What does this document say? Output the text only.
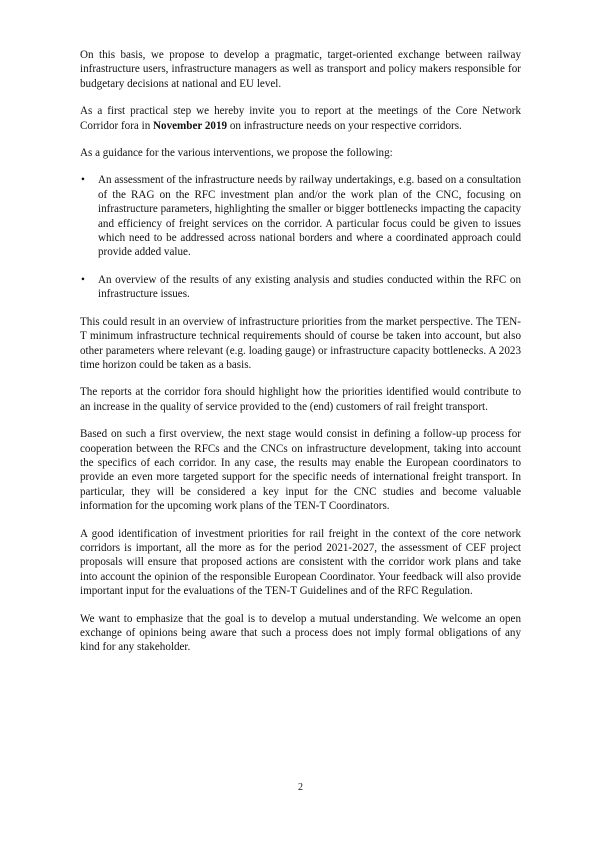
On this basis, we propose to develop a pragmatic, target-oriented exchange between railway infrastructure users, infrastructure managers as well as transport and policy makers responsible for budgetary decisions at national and EU level.

As a first practical step we hereby invite you to report at the meetings of the Core Network Corridor fora in November 2019 on infrastructure needs on your respective corridors.

As a guidance for the various interventions, we propose the following:

• An assessment of the infrastructure needs by railway undertakings, e.g. based on a consultation of the RAG on the RFC investment plan and/or the work plan of the CNC, focusing on infrastructure parameters, highlighting the smaller or bigger bottlenecks impacting the capacity and efficiency of freight services on the corridor. A particular focus could be given to issues which need to be addressed across national borders and where a coordinated approach could provide added value.
• An overview of the results of any existing analysis and studies conducted within the RFC on infrastructure issues.

This could result in an overview of infrastructure priorities from the market perspective. The TEN-T minimum infrastructure technical requirements should of course be taken into account, but also other parameters where relevant (e.g. loading gauge) or infrastructure capacity bottlenecks. A 2023 time horizon could be taken as a basis.

The reports at the corridor fora should highlight how the priorities identified would contribute to an increase in the quality of service provided to the (end) customers of rail freight transport.

Based on such a first overview, the next stage would consist in defining a follow-up process for cooperation between the RFCs and the CNCs on infrastructure development, taking into account the specifics of each corridor. In any case, the results may enable the European coordinators to provide an even more targeted support for the specific needs of international freight transport. In particular, they will be considered a key input for the CNC studies and become valuable information for the upcoming work plans of the TEN-T Coordinators.

A good identification of investment priorities for rail freight in the context of the core network corridors is important, all the more as for the period 2021-2027, the assessment of CEF project proposals will ensure that proposed actions are consistent with the corridor work plans and take into account the opinion of the responsible European Coordinator. Your feedback will also provide important input for the evaluations of the TEN-T Guidelines and of the RFC Regulation.

We want to emphasize that the goal is to develop a mutual understanding. We welcome an open exchange of opinions being aware that such a process does not imply formal obligations of any kind for any stakeholder.

2
